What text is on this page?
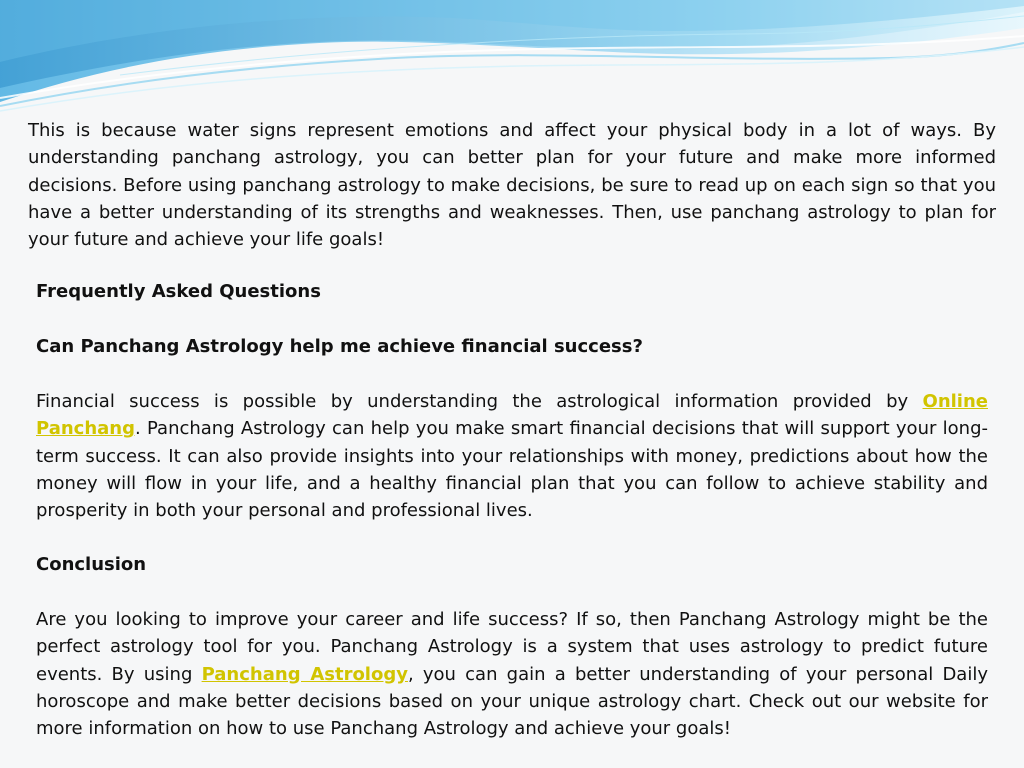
This is because water signs represent emotions and affect your physical body in a lot of ways. By understanding panchang astrology, you can better plan for your future and make more informed decisions. Before using panchang astrology to make decisions, be sure to read up on each sign so that you have a better understanding of its strengths and weaknesses. Then, use panchang astrology to plan for your future and achieve your life goals!

Frequently Asked Questions
Can Panchang Astrology help me achieve financial success?

Financial success is possible by understanding the astrological information provided by Online Panchang. Panchang Astrology can help you make smart financial decisions that will support your long-term success. It can also provide insights into your relationships with money, predictions about how the money will flow in your life, and a healthy financial plan that you can follow to achieve stability and prosperity in both your personal and professional lives.

Conclusion

Are you looking to improve your career and life success? If so, then Panchang Astrology might be the perfect astrology tool for you. Panchang Astrology is a system that uses astrology to predict future events. By using Panchang Astrology, you can gain a better understanding of your personal Daily horoscope and make better decisions based on your unique astrology chart. Check out our website for more information on how to use Panchang Astrology and achieve your goals!
